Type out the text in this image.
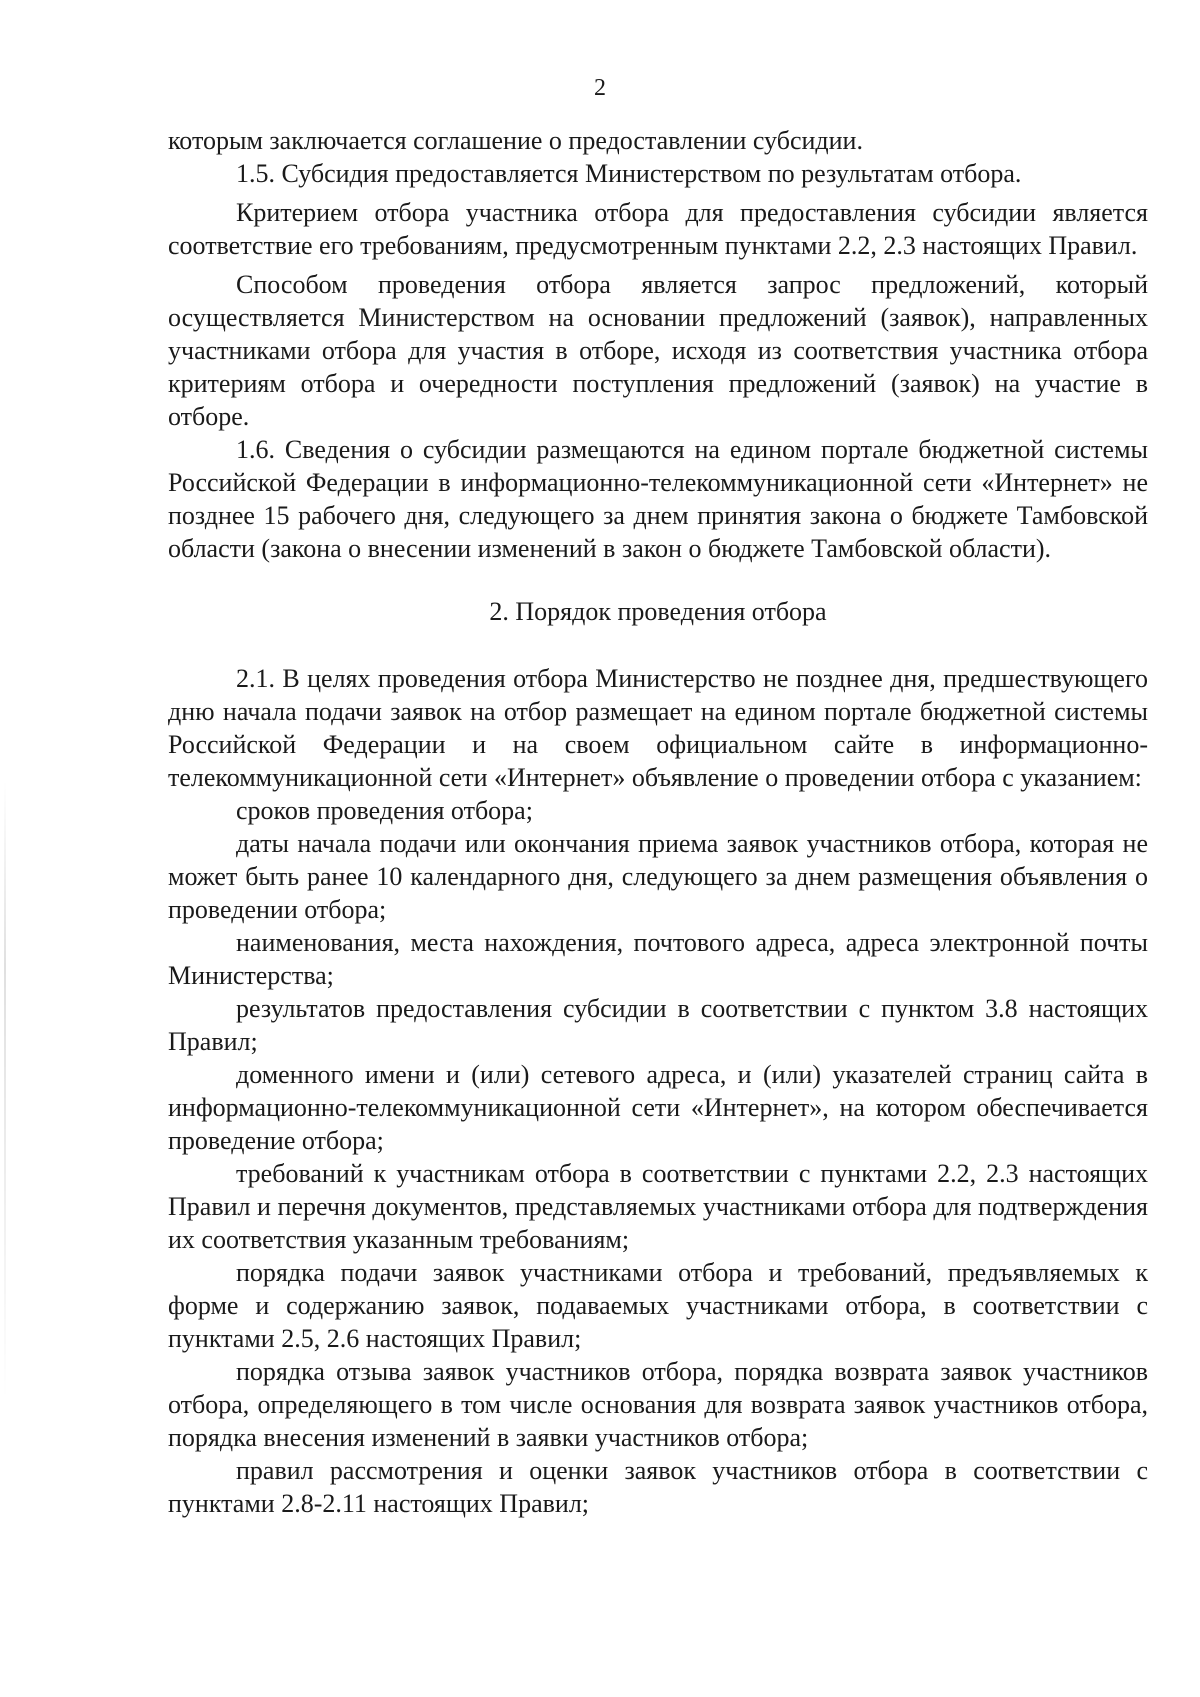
2

которым заключается соглашение о предоставлении субсидии.

1.5. Субсидия предоставляется Министерством по результатам отбора.

Критерием отбора участника отбора для предоставления субсидии является соответствие его требованиям, предусмотренным пунктами 2.2, 2.3 настоящих Правил.

Способом проведения отбора является запрос предложений, который осуществляется Министерством на основании предложений (заявок), направленных участниками отбора для участия в отборе, исходя из соответствия участника отбора критериям отбора и очередности поступления предложений (заявок) на участие в отборе.

1.6. Сведения о субсидии размещаются на едином портале бюджетной системы Российской Федерации в информационно-телекоммуникационной сети «Интернет» не позднее 15 рабочего дня, следующего за днем принятия закона о бюджете Тамбовской области (закона о внесении изменений в закон о бюджете Тамбовской области).

2. Порядок проведения отбора

2.1. В целях проведения отбора Министерство не позднее дня, предшествующего дню начала подачи заявок на отбор размещает на едином портале бюджетной системы Российской Федерации и на своем официальном сайте в информационно-телекоммуникационной сети «Интернет» объявление о проведении отбора с указанием:

сроков проведения отбора;

даты начала подачи или окончания приема заявок участников отбора, которая не может быть ранее 10 календарного дня, следующего за днем размещения объявления о проведении отбора;

наименования, места нахождения, почтового адреса, адреса электронной почты Министерства;

результатов предоставления субсидии в соответствии с пунктом 3.8 настоящих Правил;

доменного имени и (или) сетевого адреса, и (или) указателей страниц сайта в информационно-телекоммуникационной сети «Интернет», на котором обеспечивается проведение отбора;

требований к участникам отбора в соответствии с пунктами 2.2, 2.3 настоящих Правил и перечня документов, представляемых участниками отбора для подтверждения их соответствия указанным требованиям;

порядка подачи заявок участниками отбора и требований, предъявляемых к форме и содержанию заявок, подаваемых участниками отбора, в соответствии с пунктами 2.5, 2.6 настоящих Правил;

порядка отзыва заявок участников отбора, порядка возврата заявок участников отбора, определяющего в том числе основания для возврата заявок участников отбора, порядка внесения изменений в заявки участников отбора;

правил рассмотрения и оценки заявок участников отбора в соответствии с пунктами 2.8-2.11 настоящих Правил;
